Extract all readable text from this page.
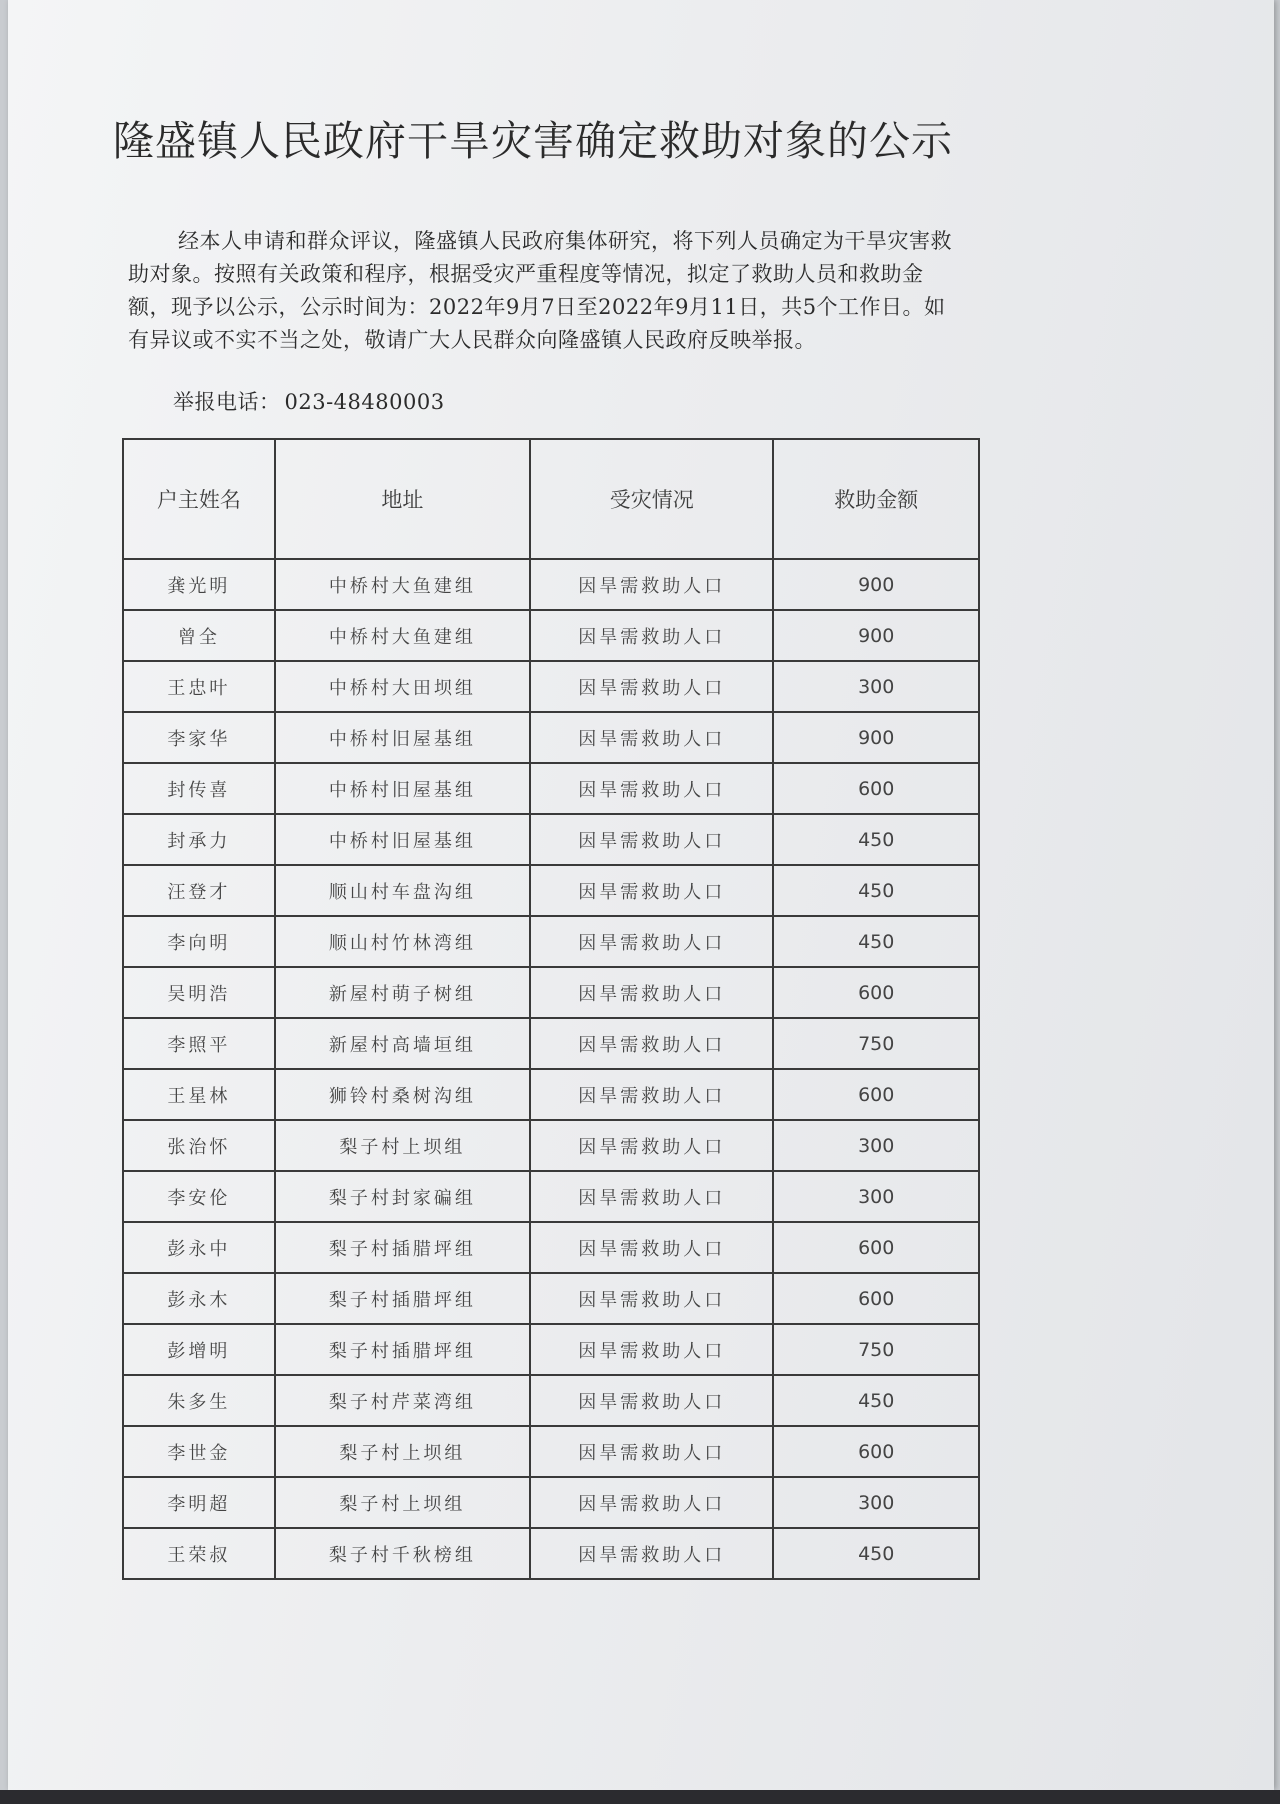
隆盛镇人民政府干旱灾害确定救助对象的公示

经本人申请和群众评议，隆盛镇人民政府集体研究，将下列人员确定为干旱灾害救助对象。按照有关政策和程序，根据受灾严重程度等情况，拟定了救助人员和救助金额，现予以公示，公示时间为：2022年9月7日至2022年9月11日，共5个工作日。如有异议或不实不当之处，敬请广大人民群众向隆盛镇人民政府反映举报。

举报电话： 023-48480003
户主姓名	地址	受灾情况	救助金额
龚光明	中桥村大鱼建组	因旱需救助人口	900
曾全	中桥村大鱼建组	因旱需救助人口	900
王忠叶	中桥村大田坝组	因旱需救助人口	300
李家华	中桥村旧屋基组	因旱需救助人口	900
封传喜	中桥村旧屋基组	因旱需救助人口	600
封承力	中桥村旧屋基组	因旱需救助人口	450
汪登才	顺山村车盘沟组	因旱需救助人口	450
李向明	顺山村竹林湾组	因旱需救助人口	450
吴明浩	新屋村萌子树组	因旱需救助人口	600
李照平	新屋村高墙垣组	因旱需救助人口	750
王星林	狮铃村桑树沟组	因旱需救助人口	600
张治怀	梨子村上坝组	因旱需救助人口	300
李安伦	梨子村封家碥组	因旱需救助人口	300
彭永中	梨子村插腊坪组	因旱需救助人口	600
彭永木	梨子村插腊坪组	因旱需救助人口	600
彭增明	梨子村插腊坪组	因旱需救助人口	750
朱多生	梨子村芹菜湾组	因旱需救助人口	450
李世金	梨子村上坝组	因旱需救助人口	600
李明超	梨子村上坝组	因旱需救助人口	300
王荣叔	梨子村千秋榜组	因旱需救助人口	450
